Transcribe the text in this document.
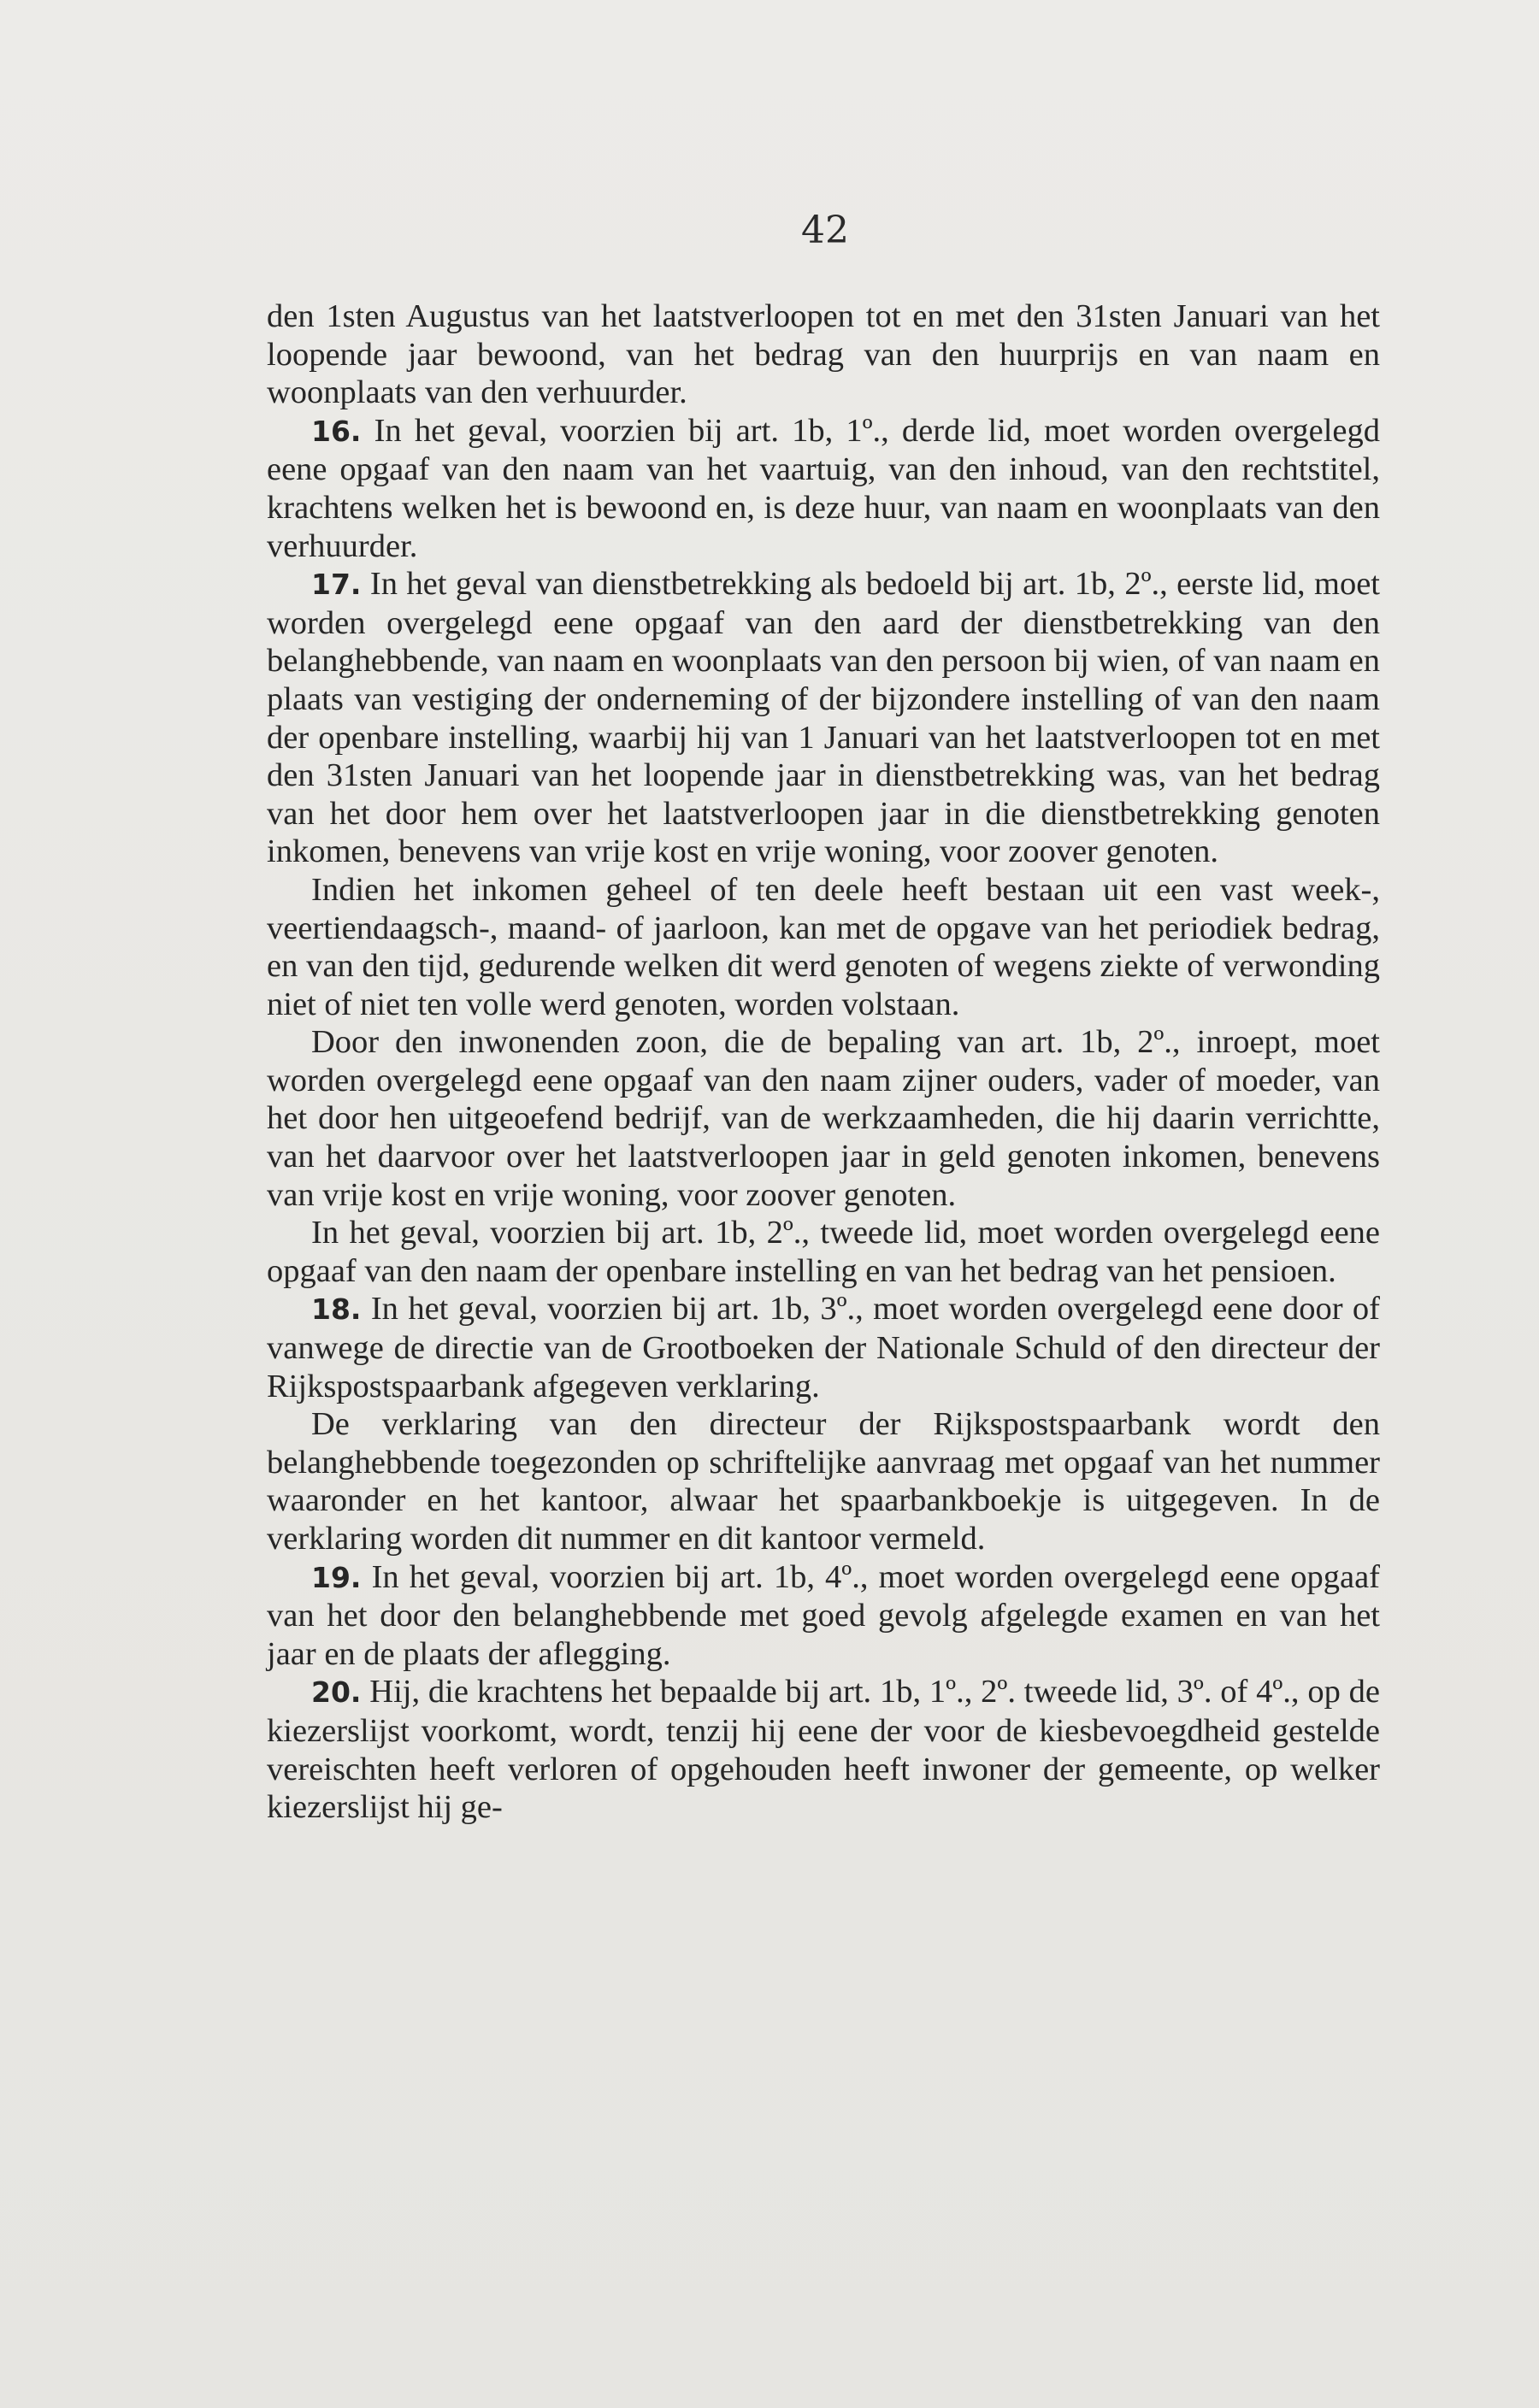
42

den 1sten Augustus van het laatstverloopen tot en met den 31sten Januari van het loopende jaar bewoond, van het bedrag van den huurprijs en van naam en woonplaats van den verhuurder.

16. In het geval, voorzien bij art. 1b, 1º., derde lid, moet worden overgelegd eene opgaaf van den naam van het vaartuig, van den inhoud, van den rechtstitel, krachtens welken het is bewoond en, is deze huur, van naam en woonplaats van den verhuurder.

17. In het geval van dienstbetrekking als bedoeld bij art. 1b, 2º., eerste lid, moet worden overgelegd eene opgaaf van den aard der dienstbetrekking van den belanghebbende, van naam en woonplaats van den persoon bij wien, of van naam en plaats van vestiging der onderneming of der bijzondere instelling of van den naam der openbare instelling, waarbij hij van 1 Januari van het laatstverloopen tot en met den 31sten Januari van het loopende jaar in dienstbetrekking was, van het bedrag van het door hem over het laatstverloopen jaar in die dienstbetrekking genoten inkomen, benevens van vrije kost en vrije woning, voor zoover genoten.

Indien het inkomen geheel of ten deele heeft bestaan uit een vast week-, veertiendaagsch-, maand- of jaarloon, kan met de opgave van het periodiek bedrag, en van den tijd, gedurende welken dit werd genoten of wegens ziekte of verwonding niet of niet ten volle werd genoten, worden volstaan.

Door den inwonenden zoon, die de bepaling van art. 1b, 2º., inroept, moet worden overgelegd eene opgaaf van den naam zijner ouders, vader of moeder, van het door hen uitgeoefend bedrijf, van de werkzaamheden, die hij daarin verrichtte, van het daarvoor over het laatstverloopen jaar in geld genoten inkomen, benevens van vrije kost en vrije woning, voor zoover genoten.

In het geval, voorzien bij art. 1b, 2º., tweede lid, moet worden overgelegd eene opgaaf van den naam der openbare instelling en van het bedrag van het pensioen.

18. In het geval, voorzien bij art. 1b, 3º., moet worden overgelegd eene door of vanwege de directie van de Grootboeken der Nationale Schuld of den directeur der Rijkspostspaarbank afgegeven verklaring.

De verklaring van den directeur der Rijkspostspaarbank wordt den belanghebbende toegezonden op schriftelijke aanvraag met opgaaf van het nummer waaronder en het kantoor, alwaar het spaarbankboekje is uitgegeven. In de verklaring worden dit nummer en dit kantoor vermeld.

19. In het geval, voorzien bij art. 1b, 4º., moet worden overgelegd eene opgaaf van het door den belanghebbende met goed gevolg afgelegde examen en van het jaar en de plaats der aflegging.

20. Hij, die krachtens het bepaalde bij art. 1b, 1º., 2º. tweede lid, 3º. of 4º., op de kiezerslijst voorkomt, wordt, tenzij hij eene der voor de kiesbevoegdheid gestelde vereischten heeft verloren of opgehouden heeft inwoner der gemeente, op welker kiezerslijst hij ge-
